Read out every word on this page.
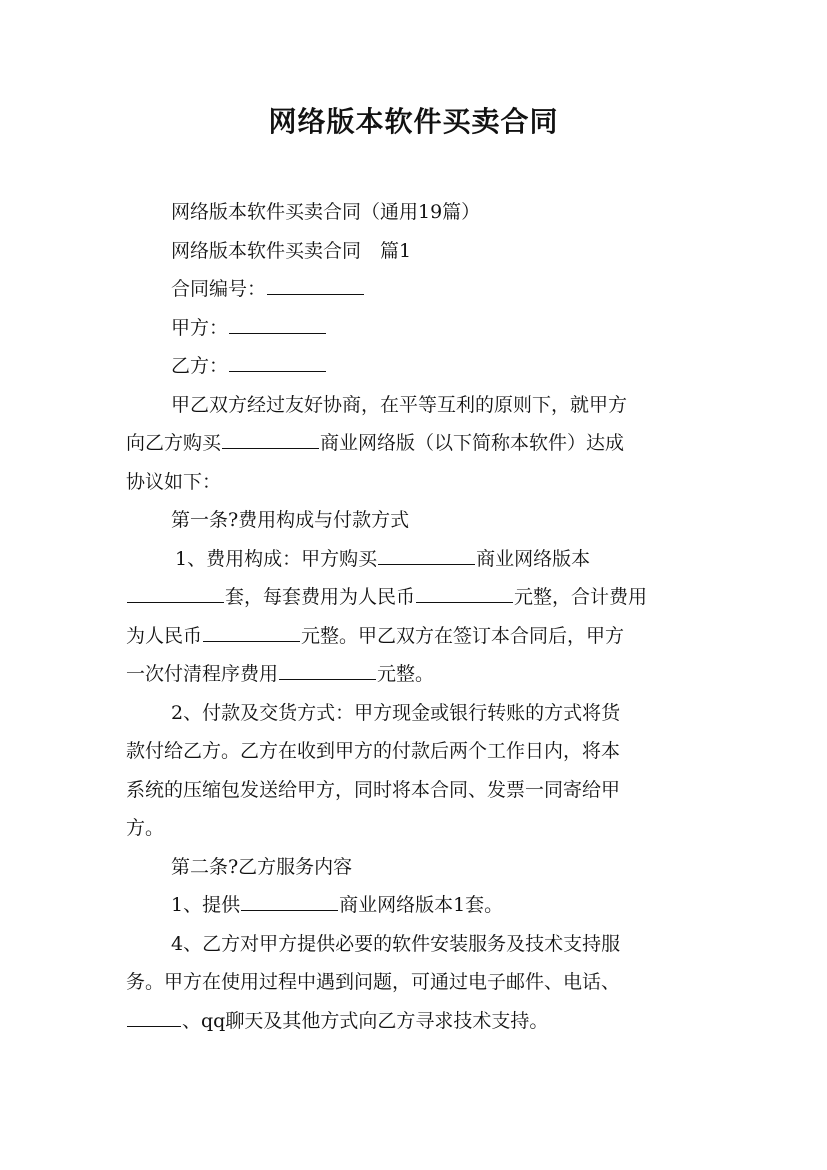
网络版本软件买卖合同
网络版本软件买卖合同（通用19篇）
网络版本软件买卖合同　篇1
合同编号：
甲方：
乙方：
甲乙双方经过友好协商，在平等互利的原则下，就甲方
向乙方购买	商业网络版（以下简称本软件）达成
协议如下：
第一条?费用构成与付款方式
1、费用构成：甲方购买	商业网络版本
套，每套费用为人民币	元整，合计费用
为人民币	元整。甲乙双方在签订本合同后，甲方
一次付清程序费用	元整。
2、付款及交货方式：甲方现金或银行转账的方式将货
款付给乙方。乙方在收到甲方的付款后两个工作日内，将本
系统的压缩包发送给甲方，同时将本合同、发票一同寄给甲
方。
第二条?乙方服务内容
1、提供	商业网络版本1套。
4、乙方对甲方提供必要的软件安装服务及技术支持服
务。甲方在使用过程中遇到问题，可通过电子邮件、电话、
、qq聊天及其他方式向乙方寻求技术支持。
